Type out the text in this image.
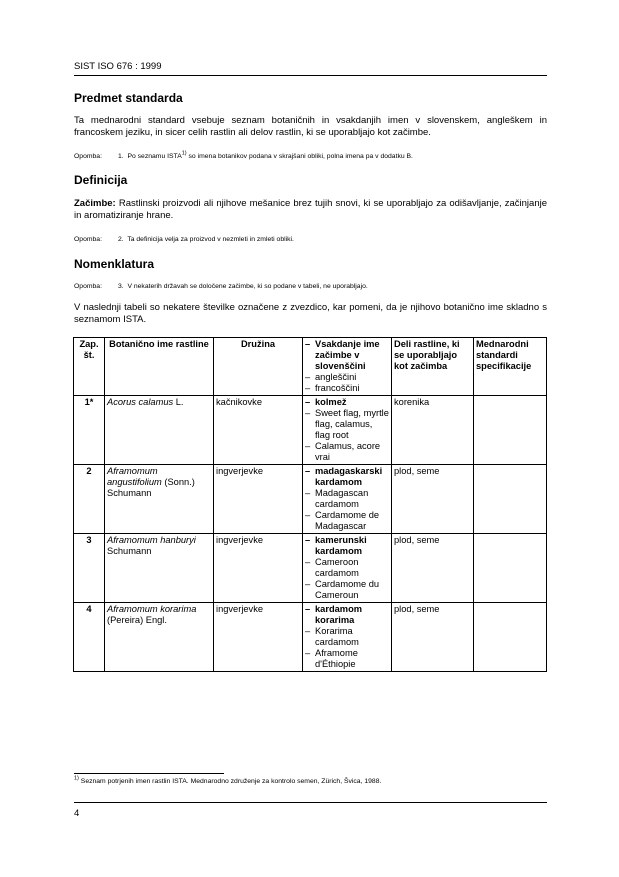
SIST ISO 676 : 1999
Predmet standarda
Ta mednarodni standard vsebuje seznam botaničnih in vsakdanjih imen v slovenskem, angleškem in francoskem jeziku, in sicer celih rastlin ali delov rastlin, ki se uporabljajo kot začimbe.
Opomba: 1. Po seznamu ISTA$^{1)}$ so imena botanikov podana v skrajšani obliki, polna imena pa v dodatku B.
Definicija
Začimbe: Rastlinski proizvodi ali njihove mešanice brez tujih snovi, ki se uporabljajo za odišavljanje, začinjanje in aromatiziranje hrane.
Opomba: 2. Ta definicija velja za proizvod v nezmleti in zmleti obliki.
Nomenklatura
Opomba: 3. V nekaterih državah se določene začimbe, ki so podane v tabeli, ne uporabljajo.
V naslednji tabeli so nekatere številke označene z zvezdico, kar pomeni, da je njihovo botanično ime skladno s seznamom ISTA.
Zap. št.	Botanično ime rastline	Družina	– Vsakdanje ime začimbe v slovenščini
– angleščini
– francoščini	Deli rastline, ki se uporabljajo kot začimba	Mednarodni standardi specifikacije
1*	Acorus calamus L.	kačnikovke	– kolmež
– Sweet flag, myrtle flag, calamus, flag root
– Calamus, acore vrai	korenika	
2	Aframomum angustifolium (Sonn.) Schumann	ingverjevke	– madagaskarski kardamom
– Madagascan cardamom
– Cardamome de Madagascar	plod, seme	
3	Aframomum hanburyi Schumann	ingverjevke	– kamerunski kardamom
– Cameroon cardamom
– Cardamome du Cameroun	plod, seme	
4	Aframomum korarima (Pereira) Engl.	ingverjevke	– kardamom korarima
– Korarima cardamom
– Aframome d'Éthiopie	plod, seme	
$^{1)}$ Seznam potrjenih imen rastlin ISTA. Mednarodno združenje za kontrolo semen, Zürich, Švica, 1988.
4
